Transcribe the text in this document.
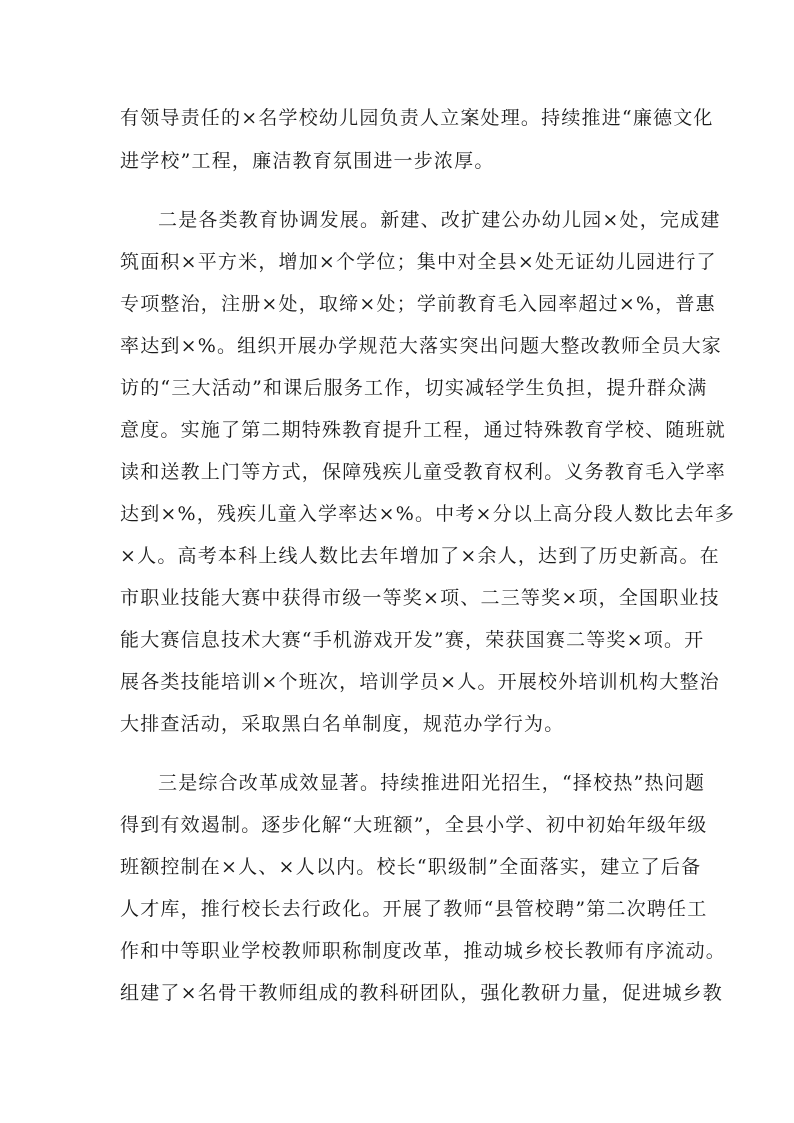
有领导责任的×名学校幼儿园负责人立案处理。持续推进“廉德文化
进学校”工程，廉洁教育氛围进一步浓厚。
二是各类教育协调发展。新建、改扩建公办幼儿园×处，完成建
筑面积×平方米，增加×个学位；集中对全县×处无证幼儿园进行了
专项整治，注册×处，取缔×处；学前教育毛入园率超过×%，普惠
率达到×%。组织开展办学规范大落实突出问题大整改教师全员大家
访的“三大活动”和课后服务工作，切实减轻学生负担，提升群众满
意度。实施了第二期特殊教育提升工程，通过特殊教育学校、随班就
读和送教上门等方式，保障残疾儿童受教育权利。义务教育毛入学率
达到×%，残疾儿童入学率达×%。中考×分以上高分段人数比去年多
×人。高考本科上线人数比去年增加了×余人，达到了历史新高。在
市职业技能大赛中获得市级一等奖×项、二三等奖×项，全国职业技
能大赛信息技术大赛“手机游戏开发”赛，荣获国赛二等奖×项。开
展各类技能培训×个班次，培训学员×人。开展校外培训机构大整治
大排查活动，采取黑白名单制度，规范办学行为。
三是综合改革成效显著。持续推进阳光招生，“择校热”热问题
得到有效遏制。逐步化解“大班额”，全县小学、初中初始年级年级
班额控制在×人、×人以内。校长“职级制”全面落实，建立了后备
人才库，推行校长去行政化。开展了教师“县管校聘”第二次聘任工
作和中等职业学校教师职称制度改革，推动城乡校长教师有序流动。
组建了×名骨干教师组成的教科研团队，强化教研力量，促进城乡教
